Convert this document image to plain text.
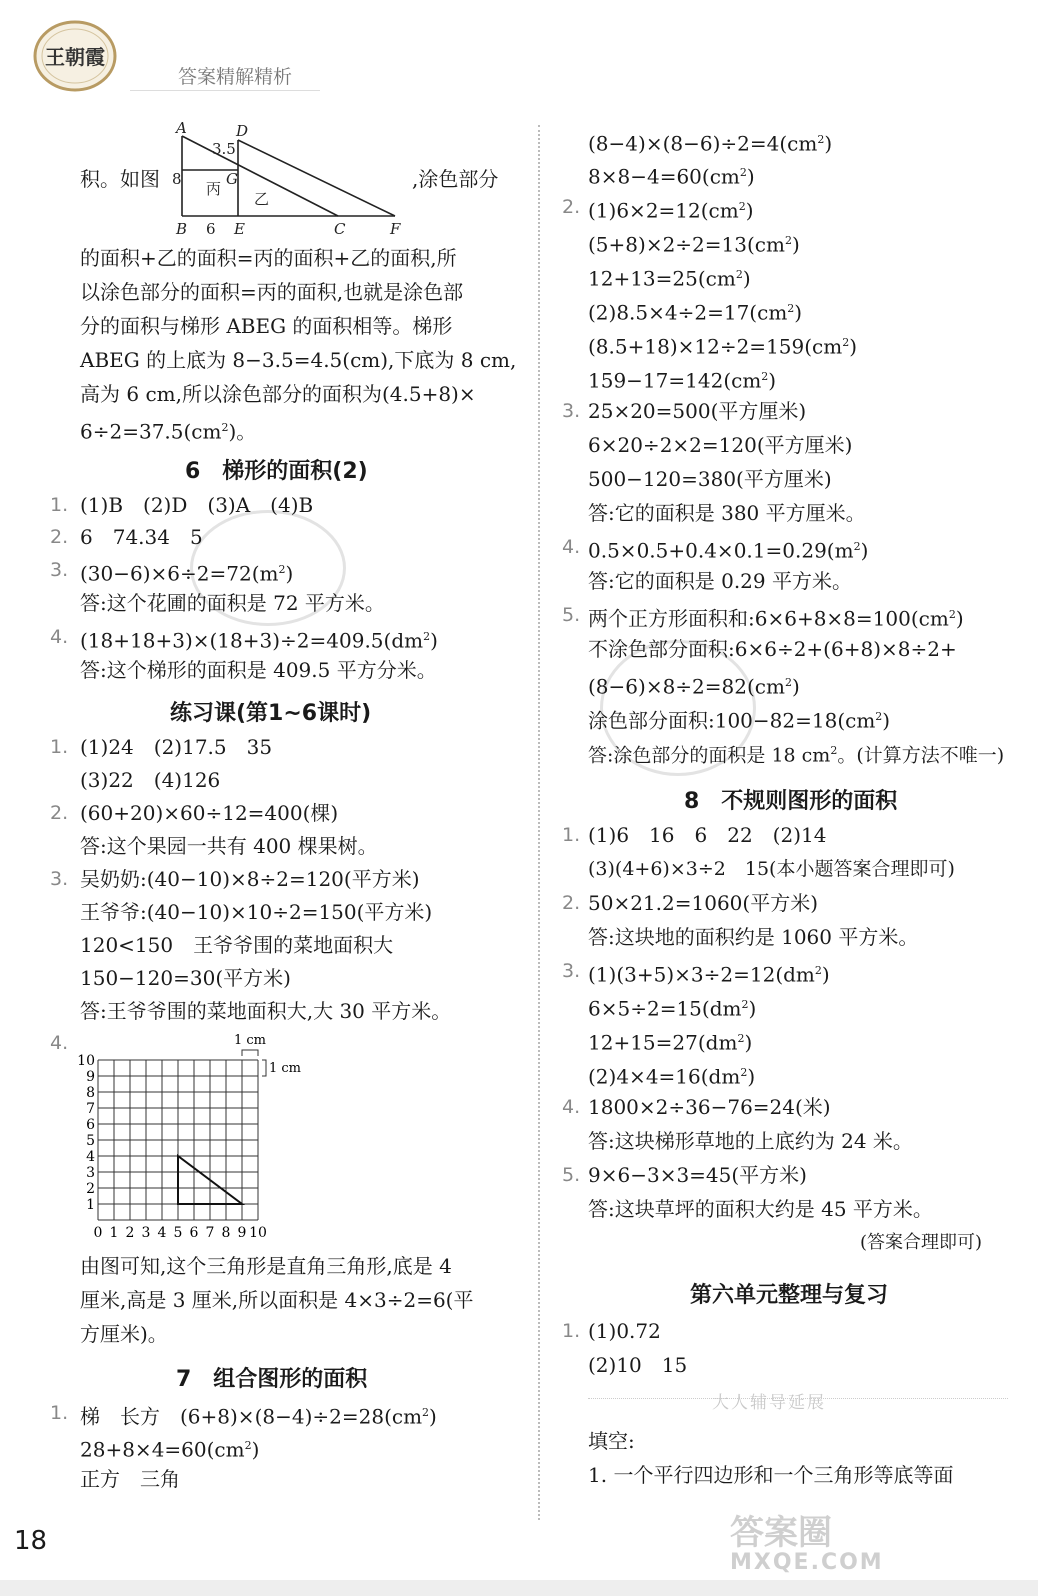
王朝霞
答案精解精析
A	D
3.5
G
8
丙
乙
B 6 E	C	F
积。如图	,涂色部分
的面积+乙的面积=丙的面积+乙的面积,所
以涂色部分的面积=丙的面积,也就是涂色部
分的面积与梯形 ABEG 的面积相等。梯形
ABEG 的上底为 8−3.5=4.5(cm),下底为 8 cm,
高为 6 cm,所以涂色部分的面积为(4.5+8)×
$6\div 2=37.5(cm^2)$。
6　梯形的面积(2)
1. (1)B　(2)D　(3)A　(4)B
2. 6　74.34　5
3. $(30-6)\times 6\div 2=72(m^2)$
答:这个花圃的面积是 72 平方米。
4. $(18+18+3)\times(18+3)\div 2=409.5(dm^2)$
答:这个梯形的面积是 409.5 平方分米。
练习课(第1~6课时)
1. (1)24　(2)17.5　35
(3)22　(4)126
2. (60+20)×60÷12=400(棵)
答:这个果园一共有 400 棵果树。
3. 吴奶奶:(40−10)×8÷2=120(平方米)
王爷爷:(40−10)×10÷2=150(平方米)
120<150　王爷爷围的菜地面积大
150−120=30(平方米)
答:王爷爷围的菜地面积大,大 30 平方米。
4.
0 1 2 3 4 5 6 7 8 9 10
1
2
3
4
5
6
7
8
9
10
1 cm
1 cm
由图可知,这个三角形是直角三角形,底是 4
厘米,高是 3 厘米,所以面积是 4×3÷2=6(平
方厘米)。
7　组合图形的面积
1. 梯　长方　$(6+8)\times(8-4)\div 2=28(cm^2)$
$28+8\times 4=60(cm^2)$
正方　三角
$(8-4)\times(8-6)\div 2=4(cm^2)$
$8\times 8-4=60(cm^2)$
2. $(1)6\times 2=12(cm^2)$
$(5+8)\times 2\div 2=13(cm^2)$
$12+13=25(cm^2)$
$(2)8.5\times 4\div 2=17(cm^2)$
$(8.5+18)\times 12\div 2=159(cm^2)$
$159-17=142(cm^2)$
3. 25×20=500(平方厘米)
6×20÷2×2=120(平方厘米)
500−120=380(平方厘米)
答:它的面积是 380 平方厘米。
4. $0.5\times 0.5+0.4\times 0.1=0.29(m^2)$
答:它的面积是 0.29 平方米。
5. 两个正方形面积和$:6\times 6+8\times 8=100(cm^2)$
不涂色部分面积:6×6÷2+(6+8)×8÷2+
$(8-6)\times 8\div 2=82(cm^2)$
涂色部分面积$:100-82=18(cm^2)$
答:涂色部分的面积是 18 $cm^2$。(计算方法不唯一)
8　不规则图形的面积
1. (1)6　16　6　22　(2)14
(3)(4+6)×3÷2　15(本小题答案合理即可)
2. 50×21.2=1060(平方米)
答:这块地的面积约是 1060 平方米。
3. $(1)(3+5)\times 3\div 2=12(dm^2)$
$6\times 5\div 2=15(dm^2)$
$12+15=27(dm^2)$
$(2)4\times 4=16(dm^2)$
4. 1800×2÷36−76=24(米)
答:这块梯形草地的上底约为 24 米。
5. 9×6−3×3=45(平方米)
答:这块草坪的面积大约是 45 平方米。
(答案合理即可)
第六单元整理与复习
1. (1)0.72
(2)10　15
大人辅导延展
填空:
1. 一个平行四边形和一个三角形等底等面
18	答案圈
MXQE.COM
